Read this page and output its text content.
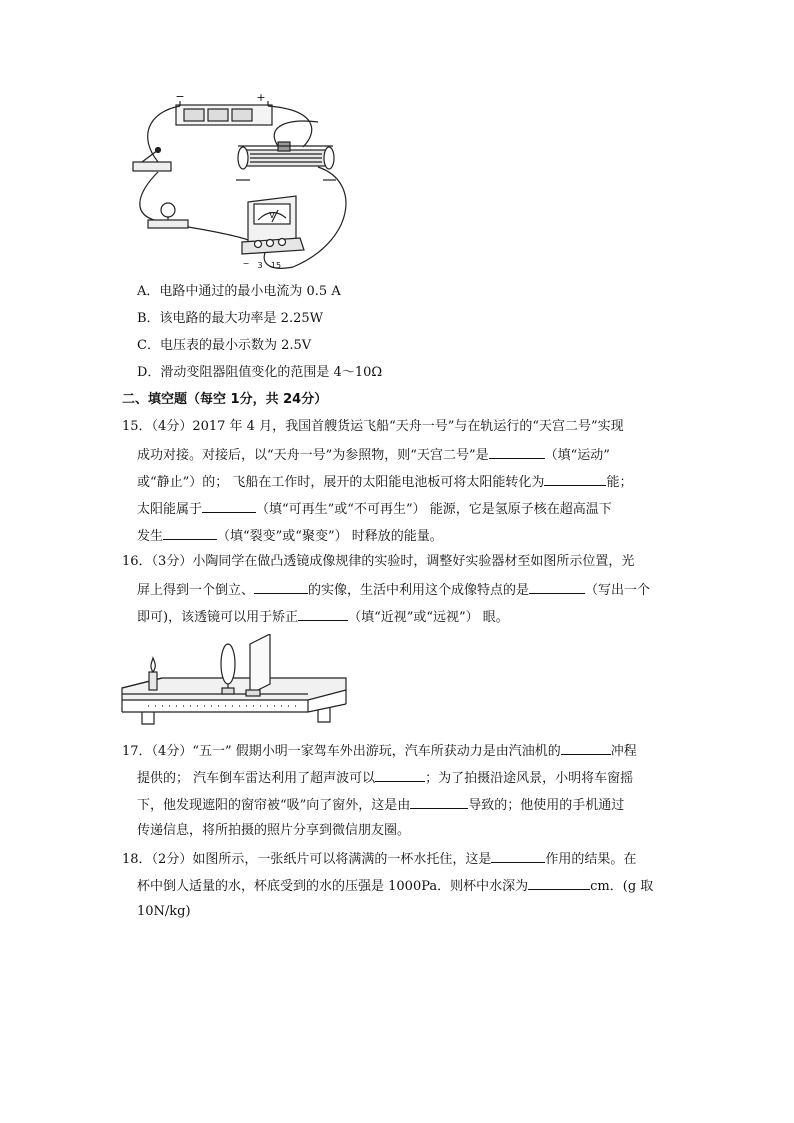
−	+
V
− 3 15
A．电路中通过的最小电流为 0.5 A
B．该电路的最大功率是 2.25W
C．电压表的最小示数为 2.5V
D．滑动变阻器阻值变化的范围是 4～10Ω
二、填空题（每空 1分，共 24分）
15．（4分）2017 年 4 月，我国首艘货运飞船“天舟一号”与在轨运行的“天宫二号”实现
成功对接。对接后，以“天舟一号”为参照物，则“天宫二号”是	（填“运动”
或“静止”）的； 飞船在工作时，展开的太阳能电池板可将太阳能转化为	能；
太阳能属于	（填“可再生”或“不可再生”） 能源，它是氢原子核在超高温下
发生	（填“裂变”或“聚变”） 时释放的能量。
16．（3分）小陶同学在做凸透镜成像规律的实验时，调整好实验器材至如图所示位置，光
屏上得到一个倒立、	的实像，生活中利用这个成像特点的是	（写出一个
即可)，该透镜可以用于矫正	（填“近视”或“远视”） 眼。
17．（4分）“五一” 假期小明一家驾车外出游玩，汽车所获动力是由汽油机的	冲程
提供的； 汽车倒车雷达利用了超声波可以	；为了拍摄沿途风景，小明将车窗摇
下，他发现遮阳的窗帘被“吸”向了窗外，这是由	导致的；他使用的手机通过
传递信息，将所拍摄的照片分享到微信朋友圈。
18．（2分）如图所示，一张纸片可以将满满的一杯水托住，这是	作用的结果。在
杯中倒人适量的水，杯底受到的水的压强是 1000Pa．则杯中水深为	cm．(g 取
10N/kg)
